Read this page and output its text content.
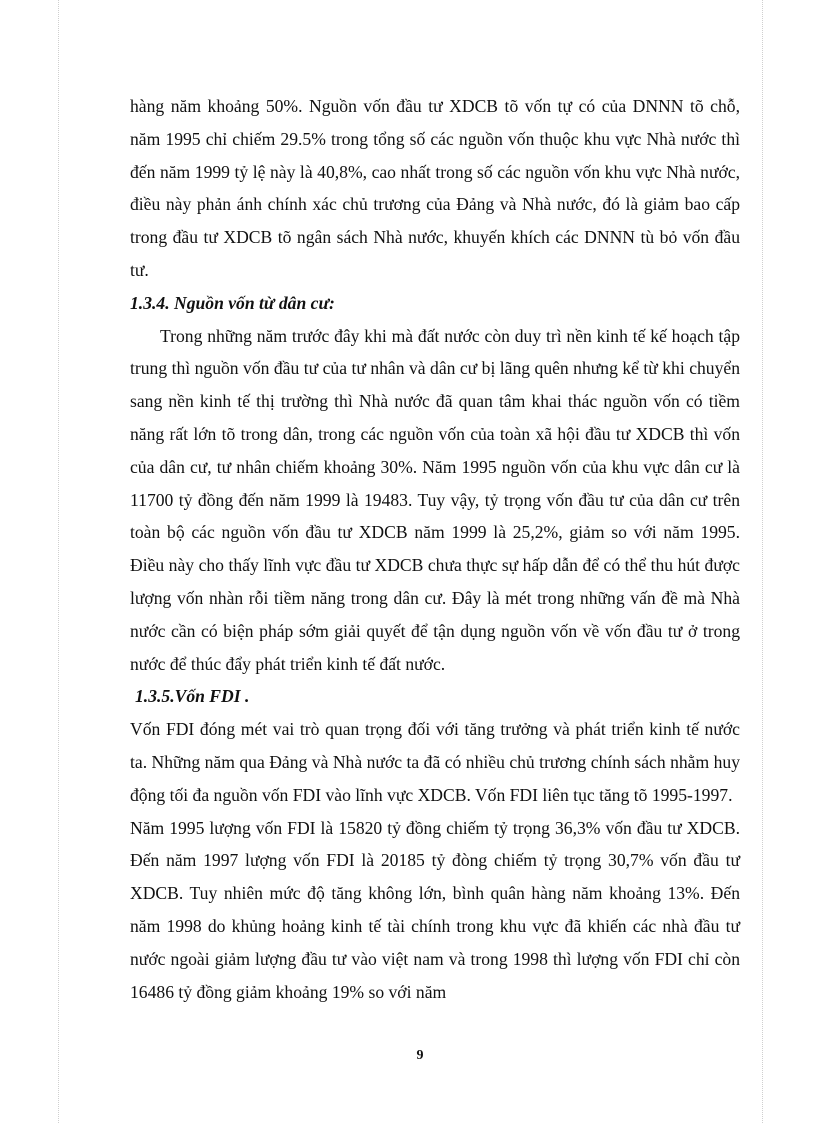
hàng năm khoảng 50%. Nguồn vốn đầu tư XDCB tõ vốn tự có của DNNN tõ chỗ, năm 1995 chỉ chiếm 29.5% trong tổng số các nguồn vốn thuộc khu vực Nhà nước thì đến năm 1999 tỷ lệ này là 40,8%, cao nhất trong số các nguồn vốn khu vực Nhà nước, điều này phản ánh chính xác chủ trương của Đảng và Nhà nước, đó là giảm bao cấp trong đầu tư XDCB tõ ngân sách Nhà nước, khuyến khích các DNNN tù bỏ vốn đầu tư.

1.3.4. Nguồn vốn từ dân cư:

Trong những năm trước đây khi mà đất nước còn duy trì nền kinh tế kế hoạch tập trung thì nguồn vốn đầu tư của tư nhân và dân cư bị lãng quên nhưng kể từ khi chuyển sang nền kinh tế thị trường thì Nhà nước đã quan tâm khai thác nguồn vốn có tiềm năng rất lớn tõ trong dân, trong các nguồn vốn của toàn xã hội đầu tư XDCB thì vốn của dân cư, tư nhân chiếm khoảng 30%. Năm 1995 nguồn vốn của khu vực dân cư là 11700 tỷ đồng đến năm 1999 là 19483. Tuy vậy, tỷ trọng vốn đầu tư của dân cư trên toàn bộ các nguồn vốn đầu tư XDCB năm 1999 là 25,2%, giảm so với năm 1995. Điều này cho thấy lĩnh vực đầu tư XDCB chưa thực sự hấp dẫn để có thể thu hút được lượng vốn nhàn rỗi tiềm năng trong dân cư. Đây là mét trong những vấn đề mà Nhà nước cần có biện pháp sớm giải quyết để tận dụng nguồn vốn về vốn đầu tư ở trong nước để thúc đẩy phát triển kinh tế đất nước.

1.3.5.Vốn FDI .

Vốn FDI đóng mét vai trò quan trọng đối với tăng trưởng và phát triển kinh tế nước ta. Những năm qua Đảng và Nhà nước ta đã có nhiều chủ trương chính sách nhằm huy động tối đa nguồn vốn FDI vào lĩnh vực XDCB. Vốn FDI liên tục tăng tõ 1995-1997.

Năm 1995 lượng vốn FDI là 15820 tỷ đồng chiếm tỷ trọng 36,3% vốn đầu tư XDCB. Đến năm 1997 lượng vốn FDI là 20185 tỷ đòng chiếm tỷ trọng 30,7% vốn đầu tư XDCB. Tuy nhiên mức độ tăng không lớn, bình quân hàng năm khoảng 13%. Đến năm 1998 do khủng hoảng kinh tế tài chính trong khu vực đã khiến các nhà đầu tư nước ngoài giảm lượng đầu tư vào việt nam và trong 1998 thì lượng vốn FDI chỉ còn 16486 tỷ đồng giảm khoảng 19% so với năm

9
